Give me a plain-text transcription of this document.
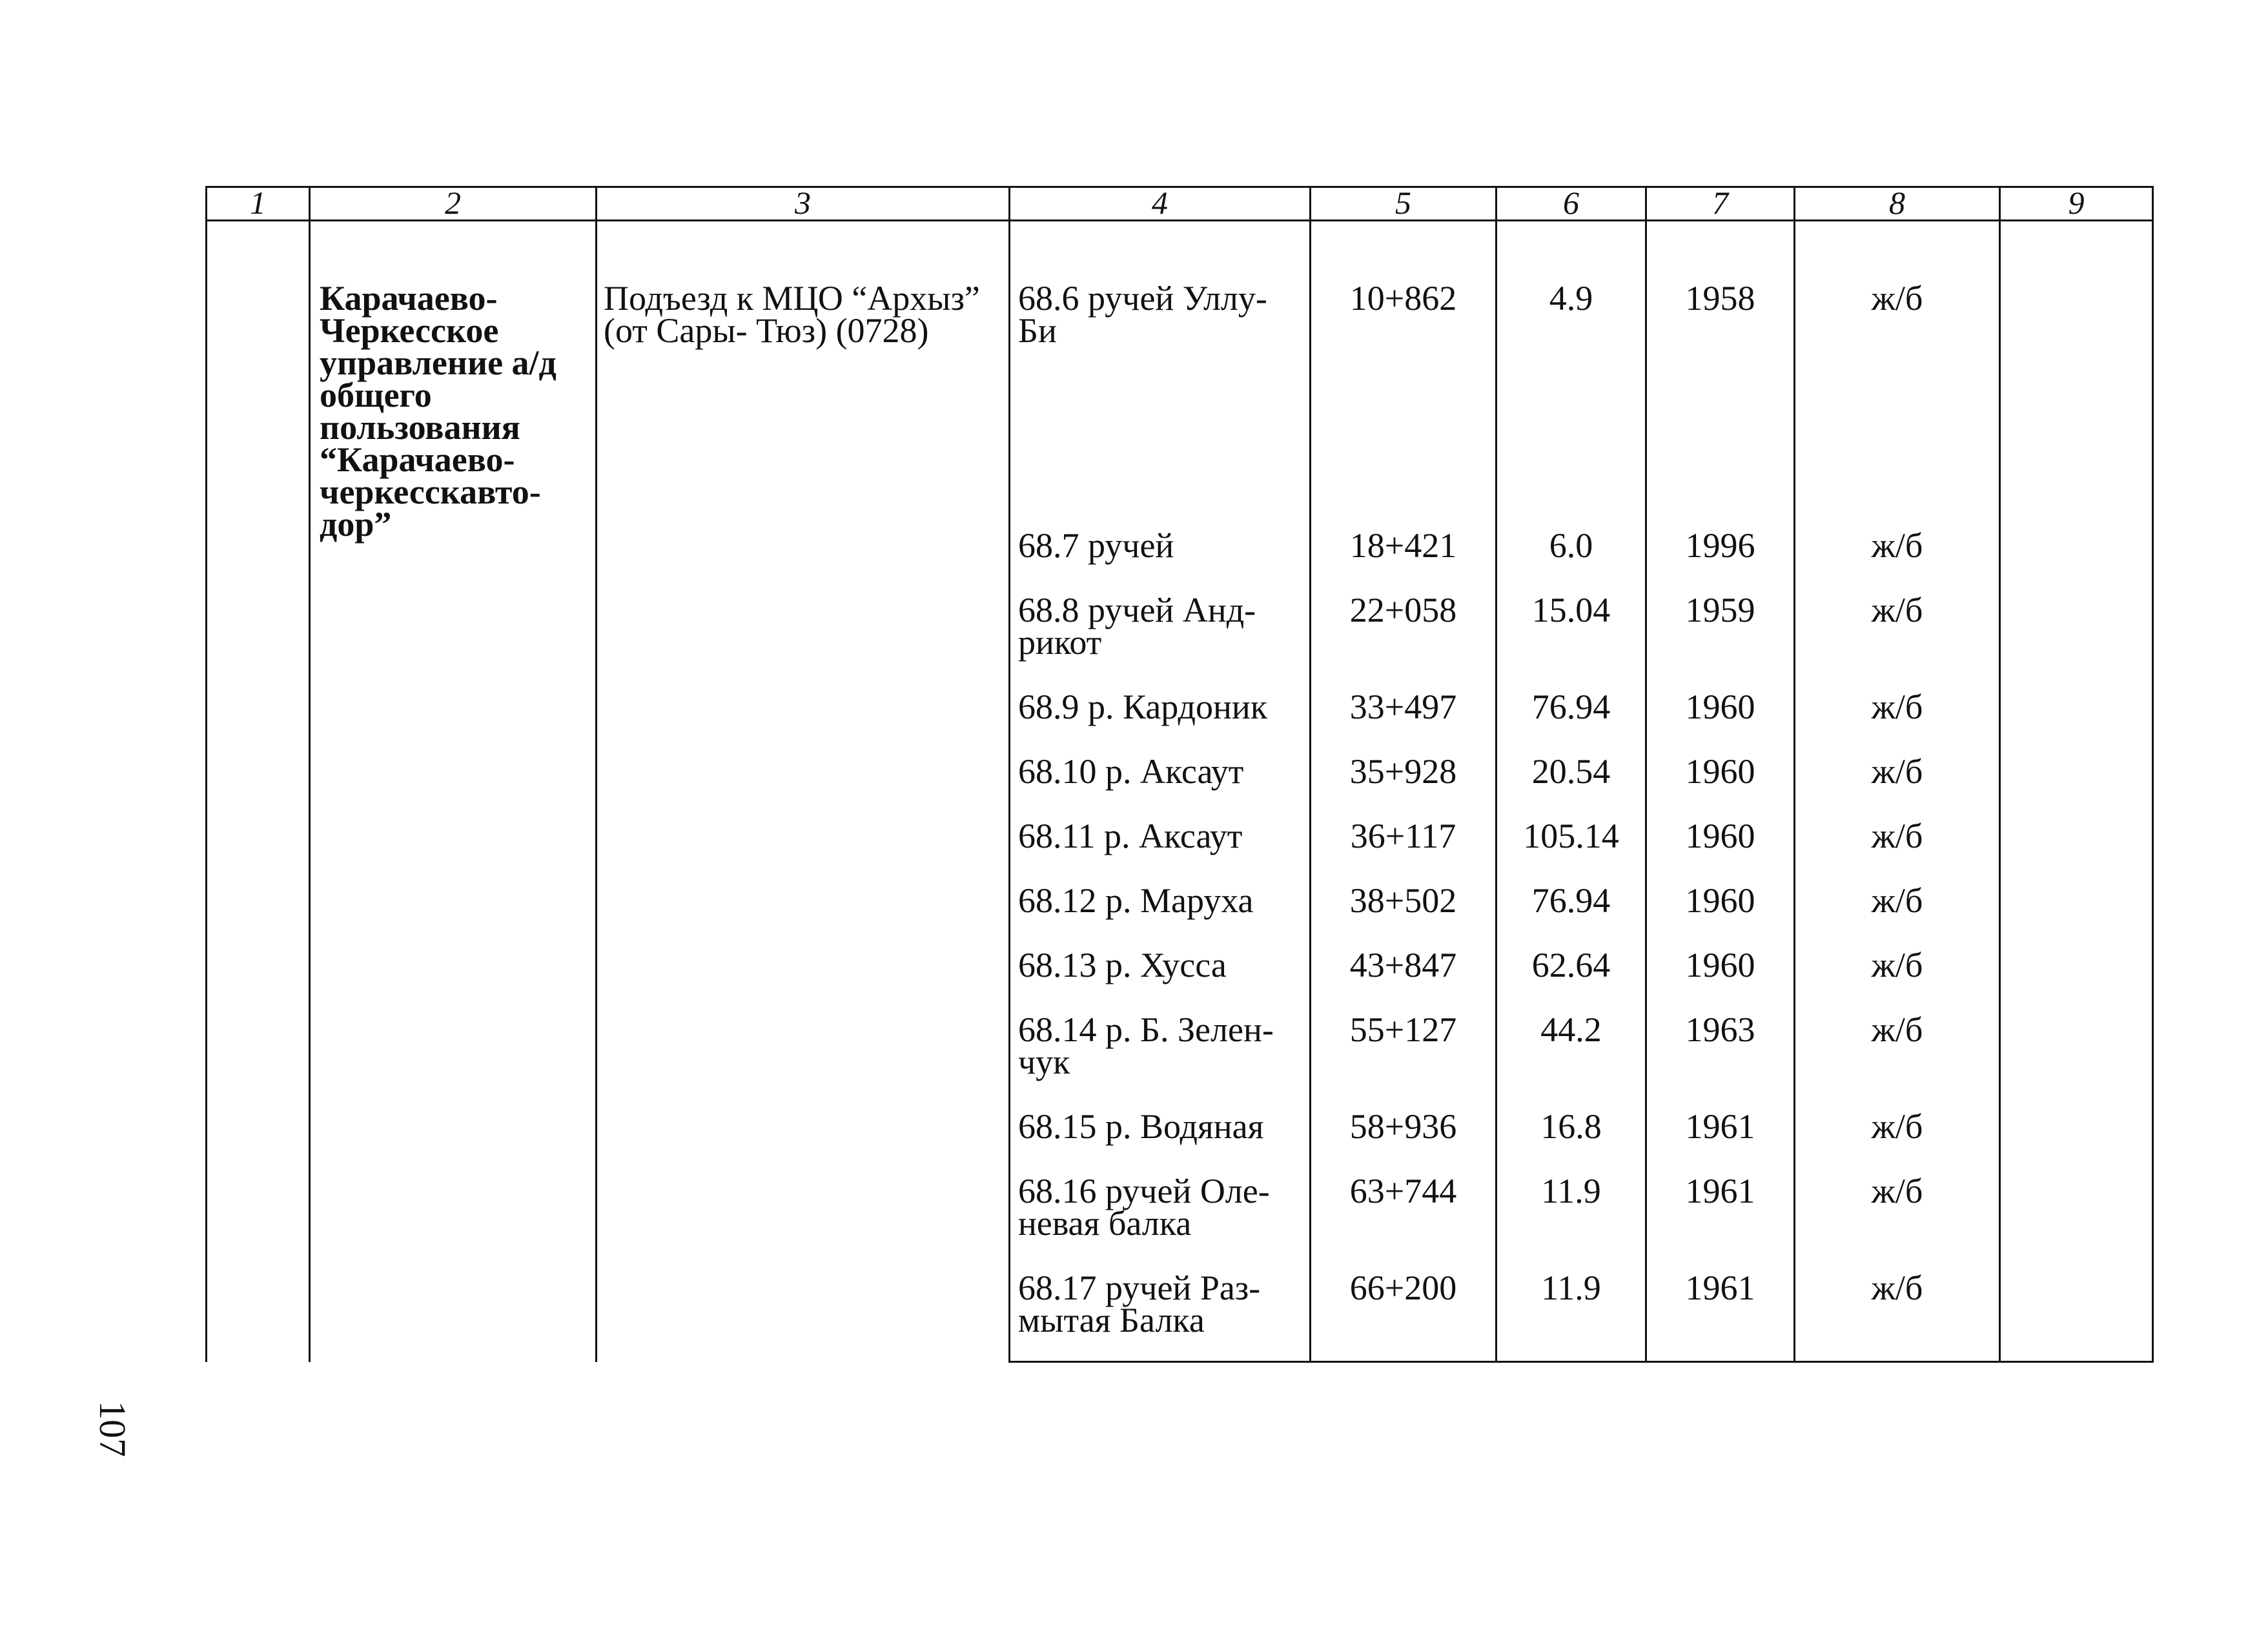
1	2	3	4	5	6	7	8	9
	Карачаево-Черкесское управление а/д общего пользования “Карачаево-черкесскавто-дор”	Подъезд к МЦО “Архыз” (от Сары- Тюз) (0728)	68.6 ручей Уллу-Би	10+862	4.9	1958	ж/б	
			68.7 ручей	18+421	6.0	1996	ж/б	
			68.8 ручей Анд-рикот	22+058	15.04	1959	ж/б	
			68.9 р. Кардоник	33+497	76.94	1960	ж/б	
			68.10 р. Аксаут	35+928	20.54	1960	ж/б	
			68.11 р. Аксаут	36+117	105.14	1960	ж/б	
			68.12 р. Маруха	38+502	76.94	1960	ж/б	
			68.13 р. Хусса	43+847	62.64	1960	ж/б	
			68.14 р. Б. Зелен-чук	55+127	44.2	1963	ж/б	
			68.15 р. Водяная	58+936	16.8	1961	ж/б	
			68.16 ручей Оле-невая балка	63+744	11.9	1961	ж/б	
			68.17 ручей Раз-мытая Балка	66+200	11.9	1961	ж/б	
107
